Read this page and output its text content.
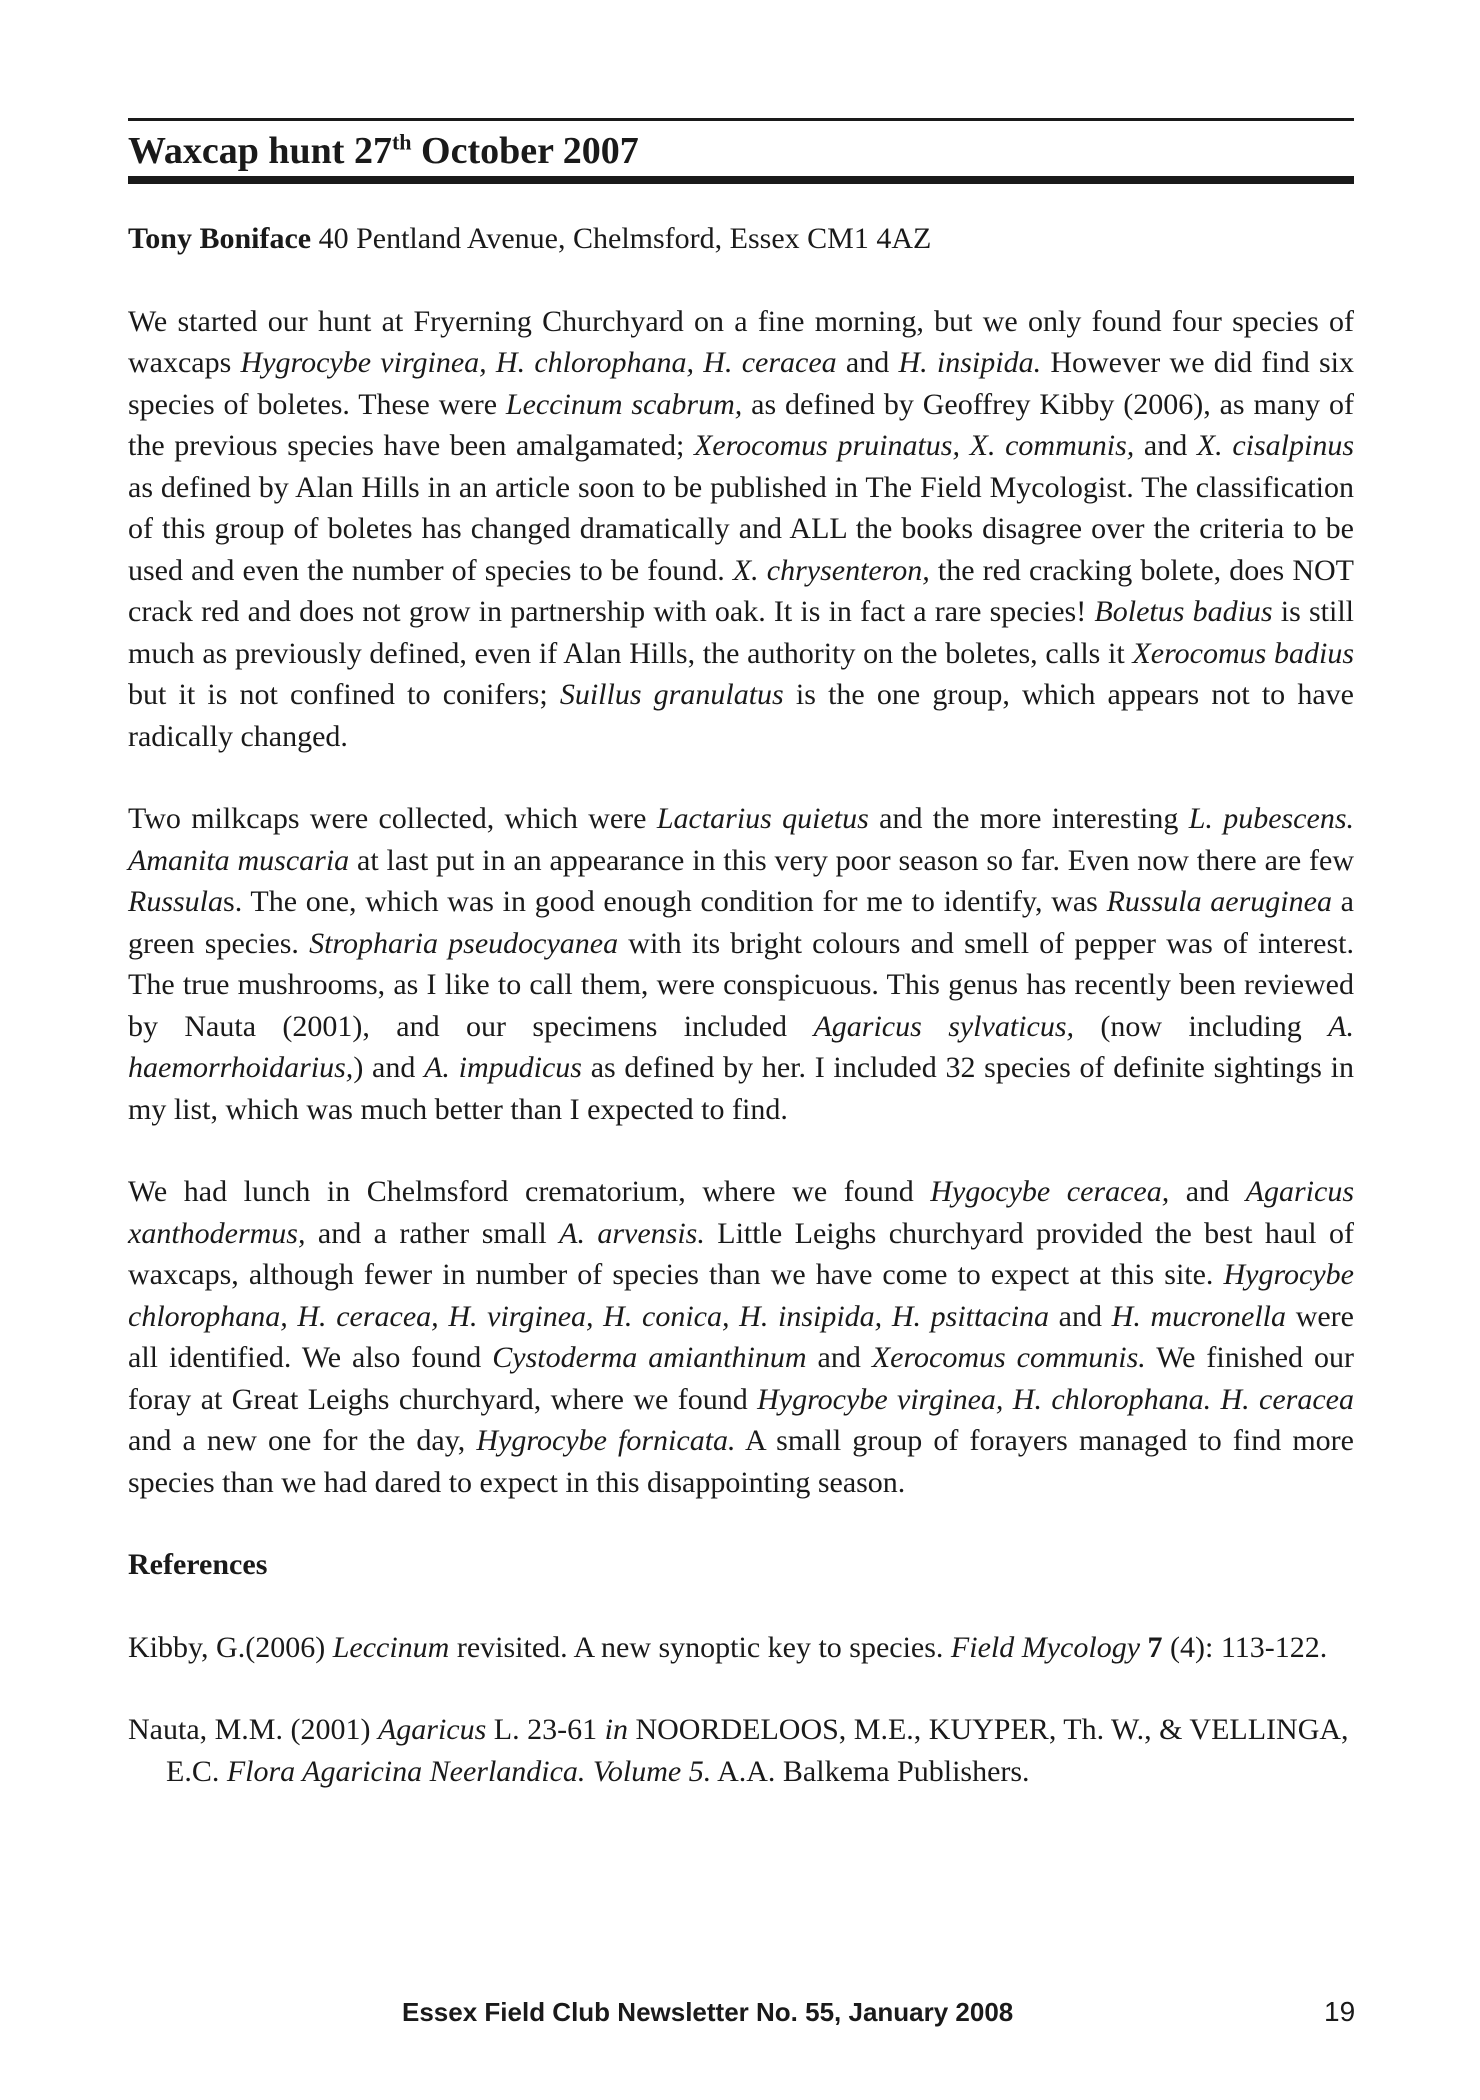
Waxcap hunt 27th October 2007

Tony Boniface 40 Pentland Avenue, Chelmsford, Essex CM1 4AZ

We started our hunt at Fryerning Churchyard on a fine morning, but we only found four species of waxcaps Hygrocybe virginea, H. chlorophana, H. ceracea and H. insipida. However we did find six species of boletes. These were Leccinum scabrum, as defined by Geoffrey Kibby (2006), as many of the previous species have been amalgamated; Xerocomus pruinatus, X. communis, and X. cisalpinus as defined by Alan Hills in an article soon to be published in The Field Mycologist. The classification of this group of boletes has changed dramatically and ALL the books disagree over the criteria to be used and even the number of species to be found. X. chrysenteron, the red cracking bolete, does NOT crack red and does not grow in partnership with oak. It is in fact a rare species! Boletus badius is still much as previously defined, even if Alan Hills, the authority on the boletes, calls it Xerocomus badius but it is not confined to conifers; Suillus granulatus is the one group, which appears not to have radically changed.

Two milkcaps were collected, which were Lactarius quietus and the more interesting L. pubescens. Amanita muscaria at last put in an appearance in this very poor season so far. Even now there are few Russulas. The one, which was in good enough condition for me to identify, was Russula aeruginea a green species. Stropharia pseudocyanea with its bright colours and smell of pepper was of interest. The true mushrooms, as I like to call them, were conspicuous. This genus has recently been reviewed by Nauta (2001), and our specimens included Agaricus sylvaticus, (now including A. haemorrhoidarius,) and A. impudicus as defined by her. I included 32 species of definite sightings in my list, which was much better than I expected to find.

We had lunch in Chelmsford crematorium, where we found Hygocybe ceracea, and Agaricus xanthodermus, and a rather small A. arvensis. Little Leighs churchyard provided the best haul of waxcaps, although fewer in number of species than we have come to expect at this site. Hygrocybe chlorophana, H. ceracea, H. virginea, H. conica, H. insipida, H. psittacina and H. mucronella were all identified. We also found Cystoderma amianthinum and Xerocomus communis. We finished our foray at Great Leighs churchyard, where we found Hygrocybe virginea, H. chlorophana. H. ceracea and a new one for the day, Hygrocybe fornicata. A small group of forayers managed to find more species than we had dared to expect in this disappointing season.

References

Kibby, G.(2006) Leccinum revisited. A new synoptic key to species. Field Mycology 7 (4): 113-122.

Nauta, M.M. (2001) Agaricus L. 23-61 in NOORDELOOS, M.E., KUYPER, Th. W., & VELLINGA, E.C. Flora Agaricina Neerlandica. Volume 5. A.A. Balkema Publishers.

Essex Field Club Newsletter No. 55, January 2008	19
